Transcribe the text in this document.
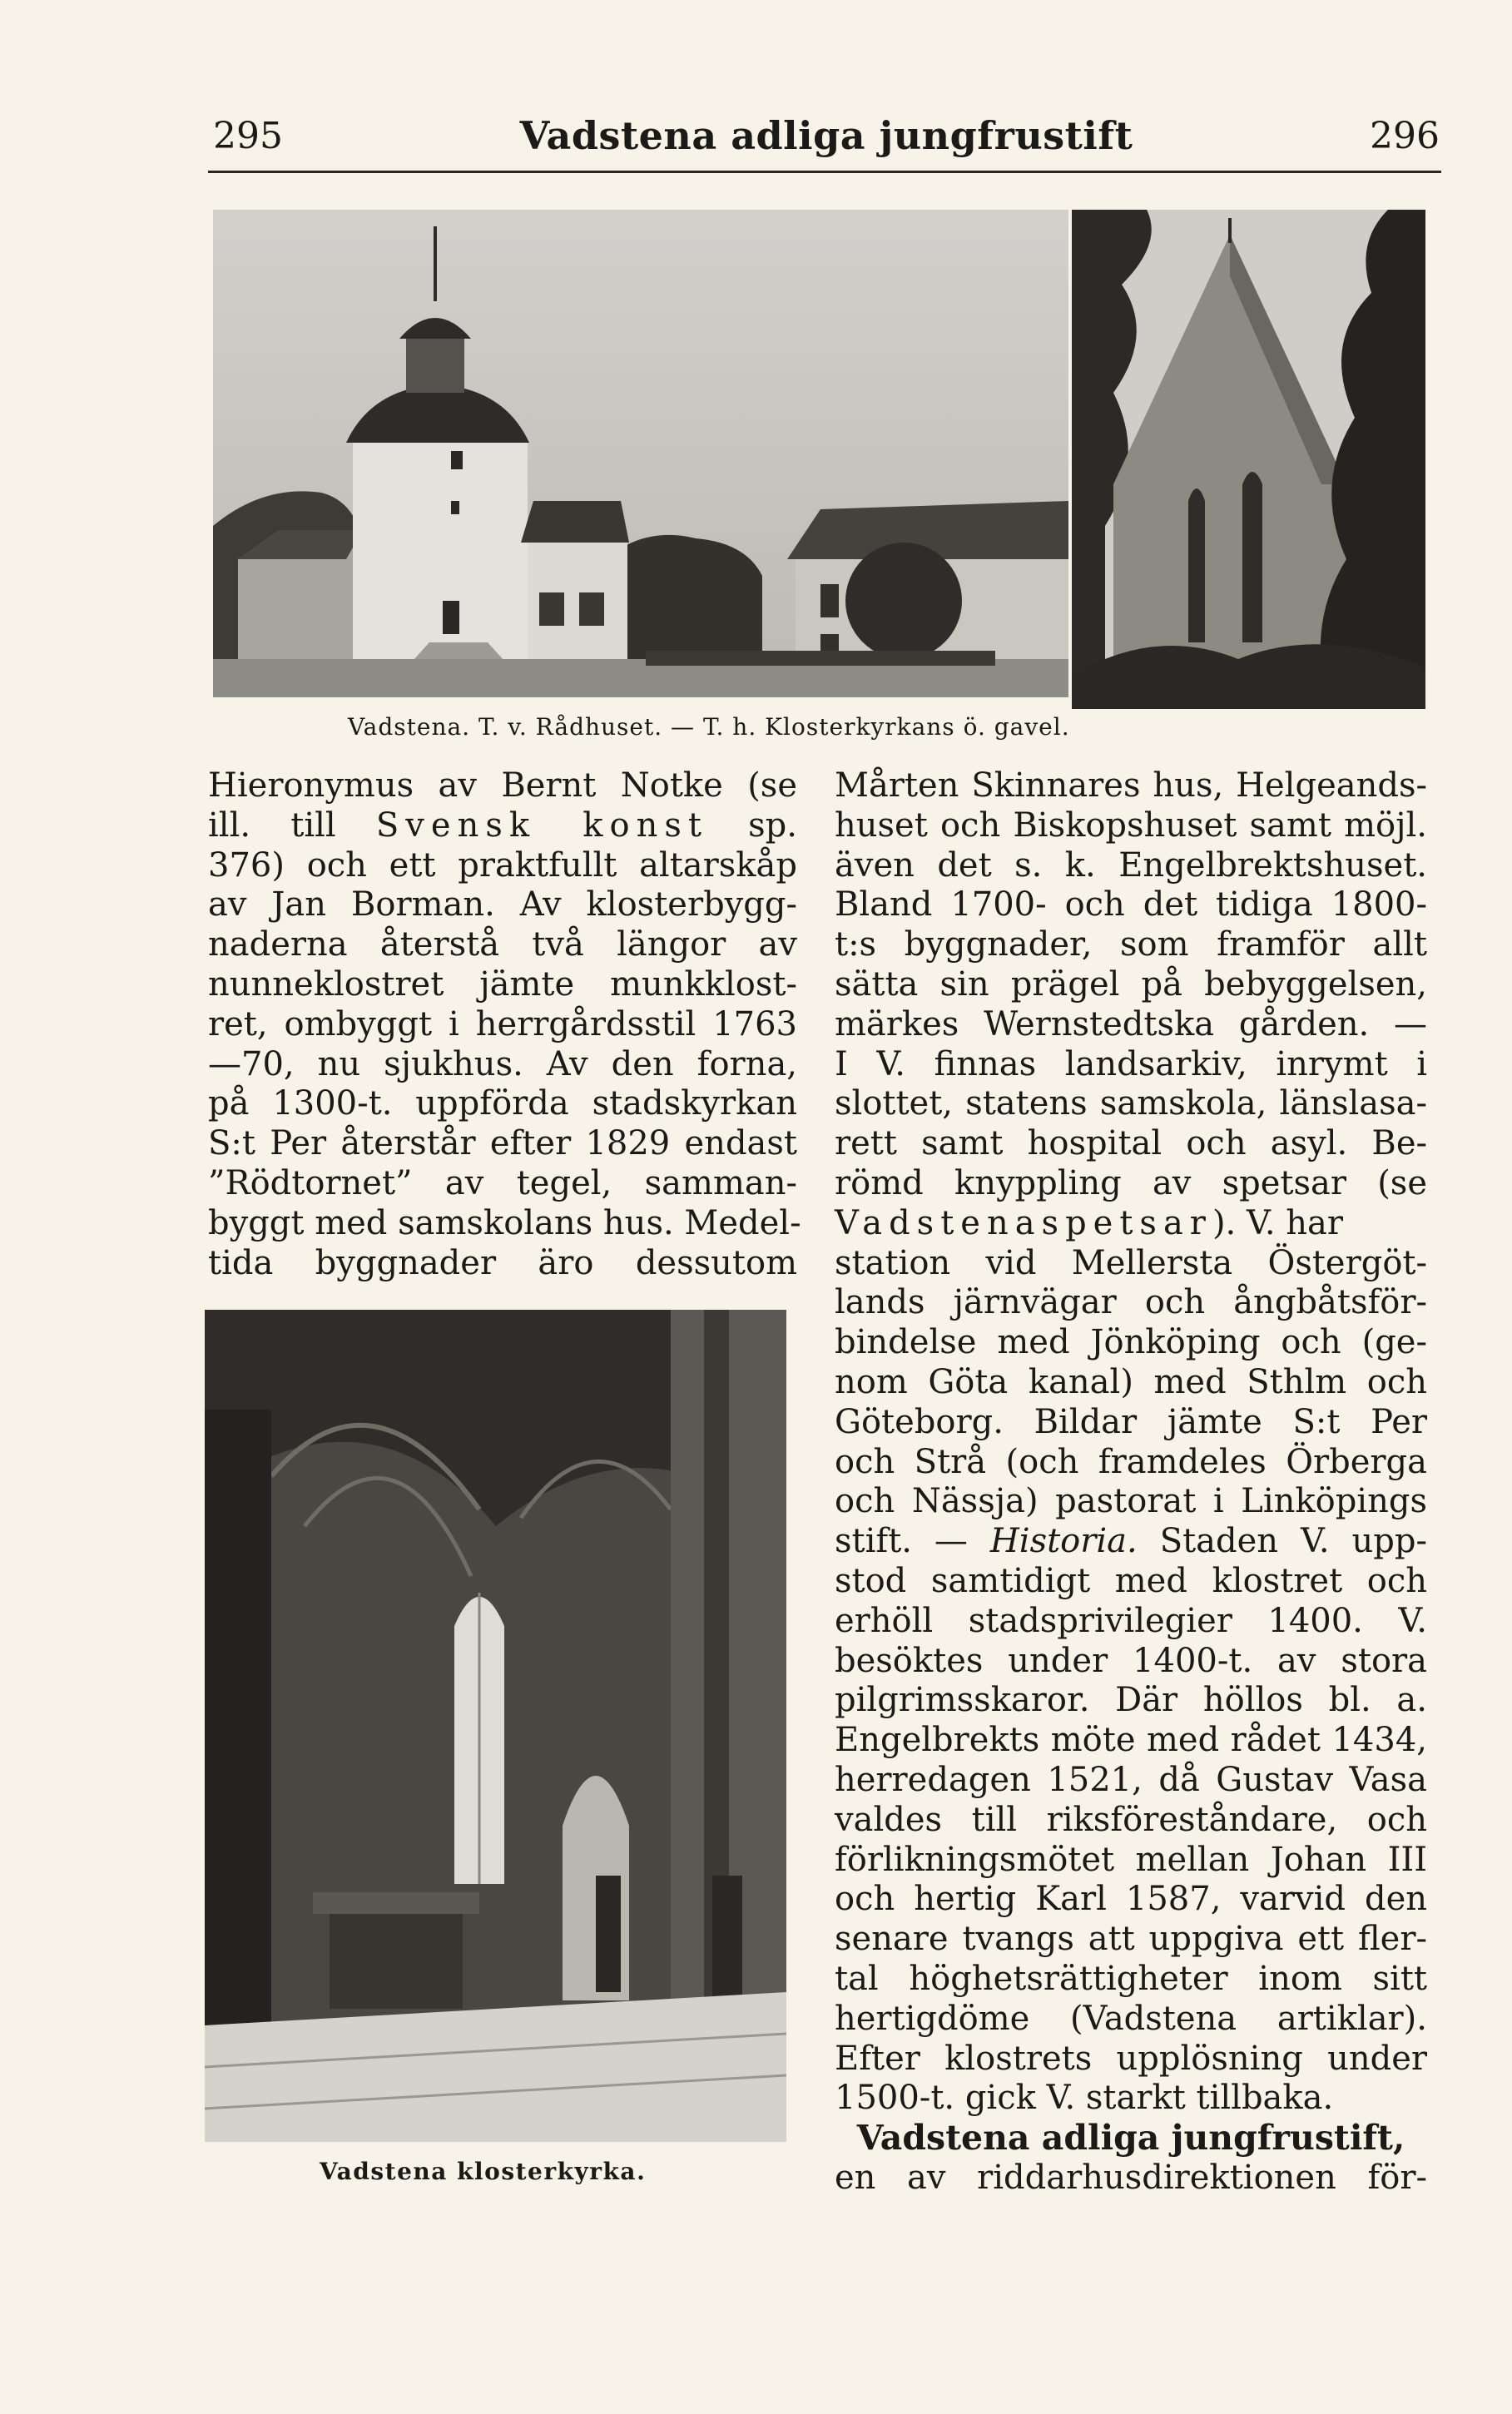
295	Vadstena adliga jungfrustift	296
Vadstena. T. v. Rådhuset. — T. h. Klosterkyrkans ö. gavel.
Hieronymus av Bernt Notke (se
ill. till Svensk konst sp.
376) och ett praktfullt altarskåp
av Jan Borman. Av klosterbygg-
naderna återstå två längor av
nunneklostret jämte munkklost-
ret, ombyggt i herrgårdsstil 1763
—70, nu sjukhus. Av den forna,
på 1300-t. uppförda stadskyrkan
S:t Per återstår efter 1829 endast
”Rödtornet” av tegel, samman-
byggt med samskolans hus. Medel-
tida byggnader äro dessutom
Vadstena klosterkyrka.
Mårten Skinnares hus, Helgeands-
huset och Biskopshuset samt möjl.
även det s. k. Engelbrektshuset.
Bland 1700- och det tidiga 1800-
t:s byggnader, som framför allt
sätta sin prägel på bebyggelsen,
märkes Wernstedtska gården. —
I V. finnas landsarkiv, inrymt i
slottet, statens samskola, länslasa-
rett samt hospital och asyl. Be-
römd knyppling av spetsar (se
Vadstenaspetsar). V. har
station vid Mellersta Östergöt-
lands järnvägar och ångbåtsför-
bindelse med Jönköping och (ge-
nom Göta kanal) med Sthlm och
Göteborg. Bildar jämte S:t Per
och Strå (och framdeles Örberga
och Nässja) pastorat i Linköpings
stift. — Historia. Staden V. upp-
stod samtidigt med klostret och
erhöll stadsprivilegier 1400. V.
besöktes under 1400-t. av stora
pilgrimsskaror. Där höllos bl. a.
Engelbrekts möte med rådet 1434,
herredagen 1521, då Gustav Vasa
valdes till riksföreståndare, och
förlikningsmötet mellan Johan III
och hertig Karl 1587, varvid den
senare tvangs att uppgiva ett fler-
tal höghetsrättigheter inom sitt
hertigdöme (Vadstena artiklar).
Efter klostrets upplösning under
1500-t. gick V. starkt tillbaka.
Vadstena adliga jungfrustift,
en av riddarhusdirektionen för-
